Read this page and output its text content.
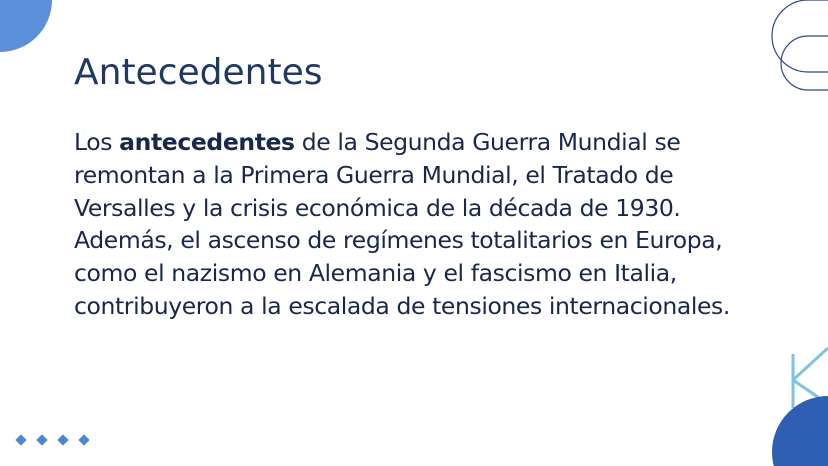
Antecedentes

Los antecedentes de la Segunda Guerra Mundial se remontan a la Primera Guerra Mundial, el Tratado de Versalles y la crisis económica de la década de 1930. Además, el ascenso de regímenes totalitarios en Europa, como el nazismo en Alemania y el fascismo en Italia, contribuyeron a la escalada de tensiones internacionales.
